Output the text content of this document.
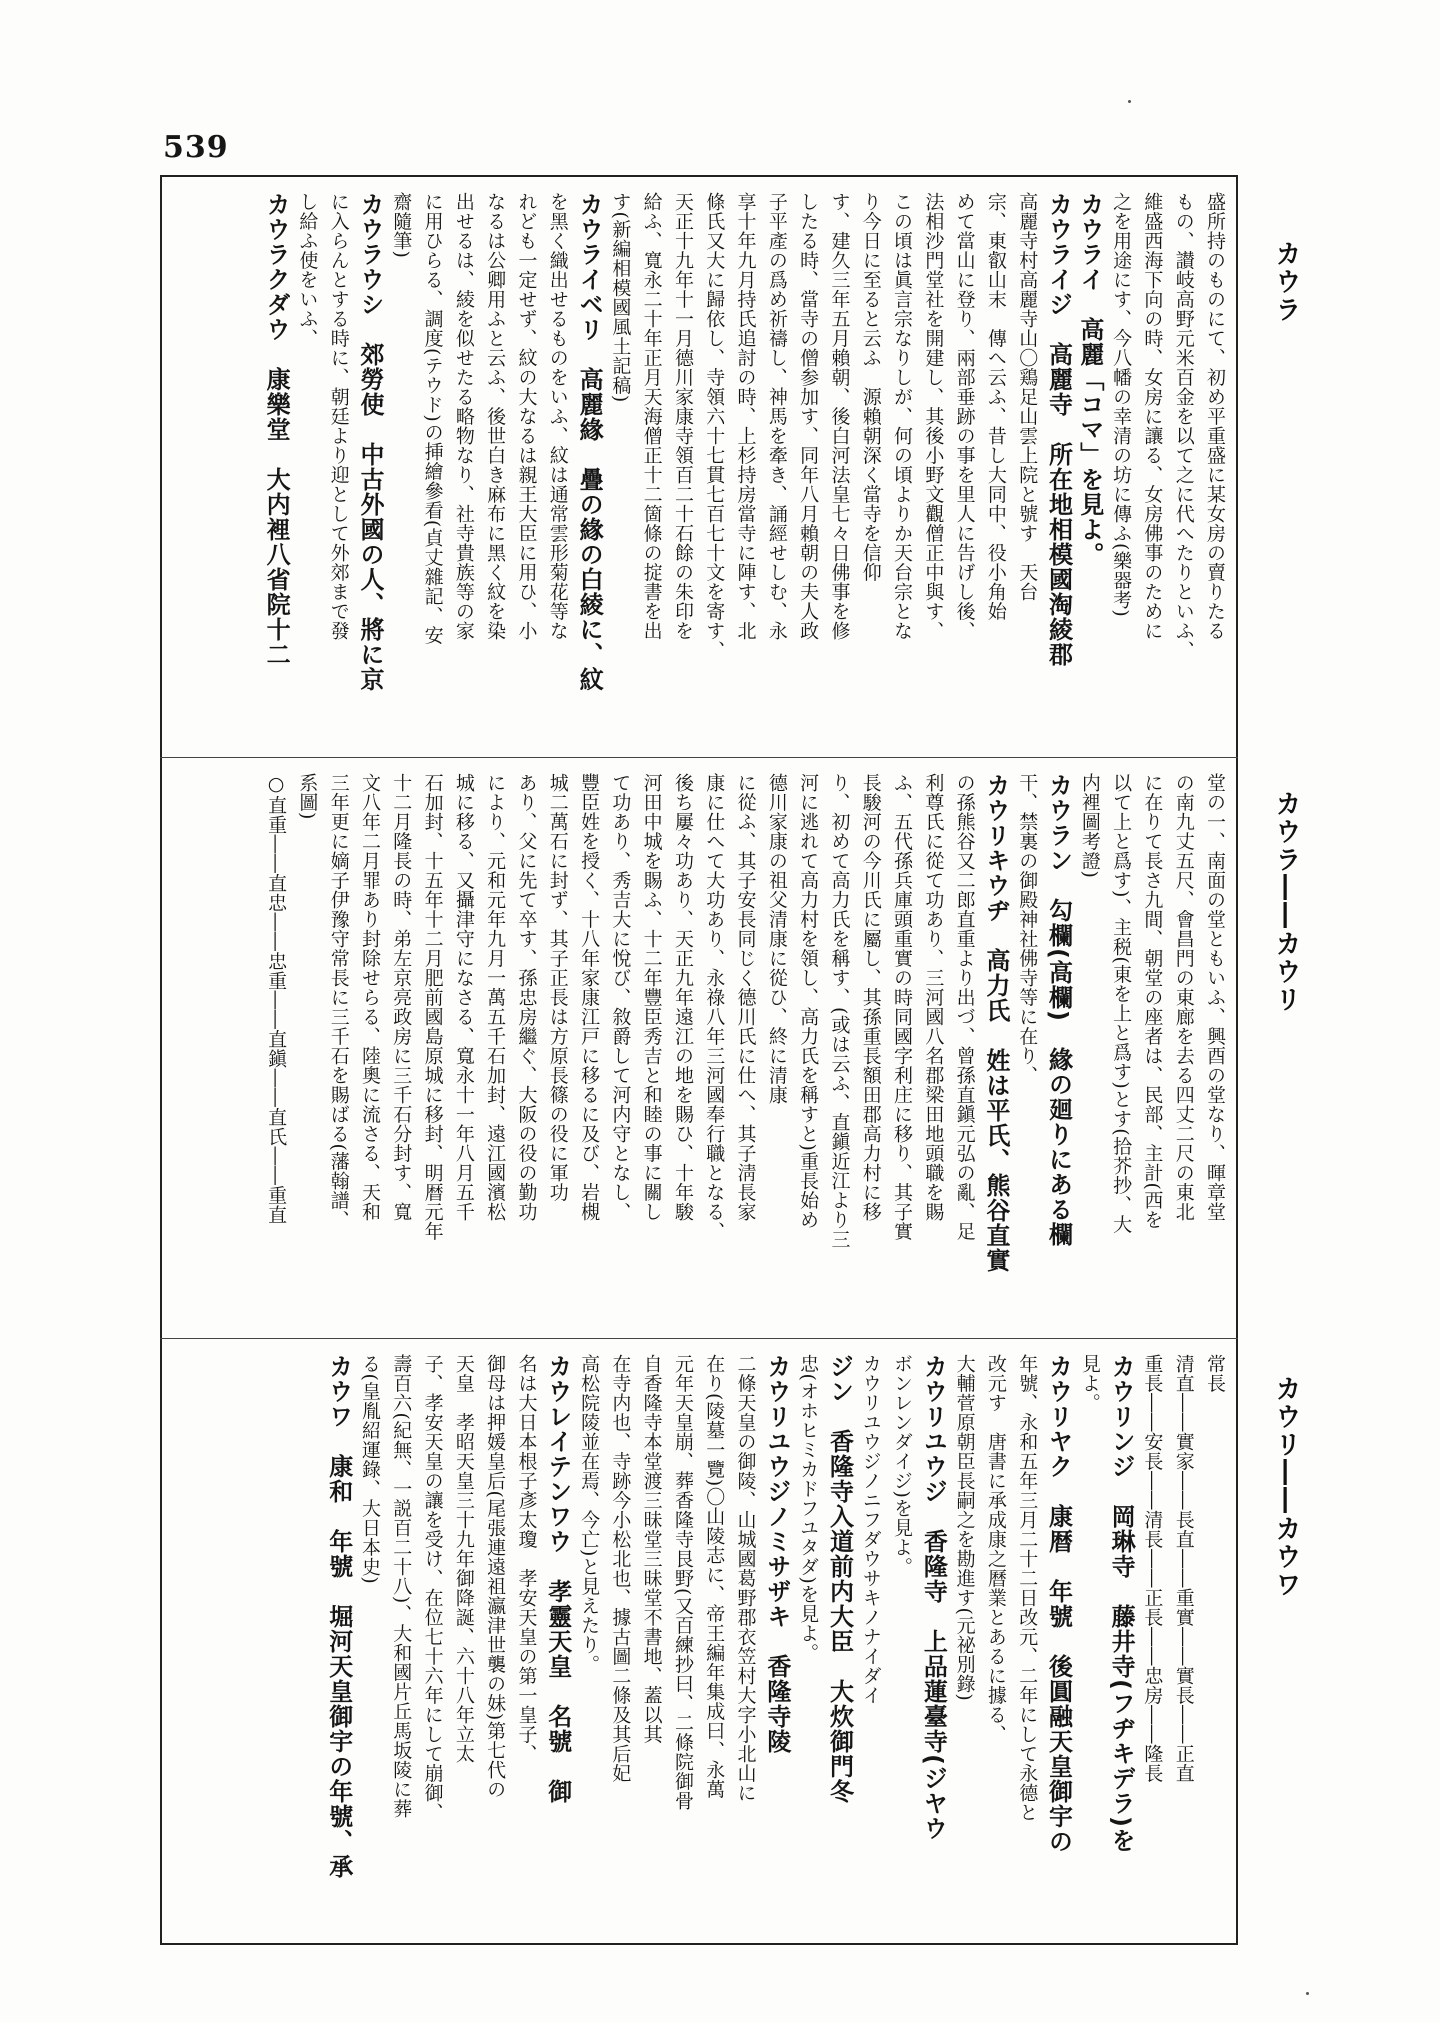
539
カウラ
カウラ――カウリ
カウリ――カウワ
盛所持のものにて、初め平重盛に某女房の賣りたる
もの、讃岐高野元米百金を以て之に代へたりといふ、
維盛西海下向の時、女房に讓る、女房佛事のために
之を用途にす、今八幡の幸清の坊に傳ふ(樂器考)
カウライ　高麗「コマ」を見よ。
カウライジ　高麗寺　所在地相模國淘綾郡
高麗寺村高麗寺山〇鶏足山雲上院と號す　天台
宗、東叡山末　傳へ云ふ、昔し大同中、役小角始
めて當山に登り、兩部垂跡の事を里人に告げし後、
法相沙門堂社を開建し、其後小野文觀僧正中與す、
この頃は眞言宗なりしが、何の頃よりか天台宗とな
り今日に至ると云ふ　源賴朝深く當寺を信仰
す、建久三年五月賴朝、後白河法皇七々日佛事を修
したる時、當寺の僧参加す、同年八月賴朝の夫人政
子平產の爲め祈禱し、神馬を牽き、誦經せしむ、永
享十年九月持氏追討の時、上杉持房當寺に陣す、北
條氏又大に歸依し、寺領六十七貫七百七十文を寄す、
天正十九年十一月德川家康寺領百二十石餘の朱印を
給ふ、寬永二十年正月天海僧正十二箇條の掟書を出
す(新編相模國風土記稿)
カウライベリ　高麗緣　疊の緣の白綾に、紋
を黑く織出せるものをいふ、紋は通常雲形菊花等な
れども一定せず、紋の大なるは親王大臣に用ひ、小
なるは公卿用ふと云ふ、後世白き麻布に黑く紋を染
出せるは、綾を似せたる略物なり、社寺貴族等の家
に用ひらる、調度(テウド)の挿繪參看(貞丈雜記、安
齋隨筆)
カウラウシ　郊勞使　中古外國の人、將に京
に入らんとする時に、朝廷より迎として外郊まで發
し給ふ使をいふ、
カウラクダウ　康樂堂　大内裡八省院十二
堂の一、南面の堂ともいふ、興酉の堂なり、暉章堂
の南九丈五尺、會昌門の東廊を去る四丈二尺の東北
に在りて長さ九間、朝堂の座者は、民部、主計(西を
以て上と爲す)、主税(東を上と爲す)とす(拾芥抄、大
内裡圖考證)
カウラン　勾欄(高欄)　緣の廻りにある欄
干、禁裏の御殿神社佛寺等に在り、
カウリキウヂ　高力氏　姓は平氏、熊谷直實
の孫熊谷又二郎直重より出づ、曾孫直鎭元弘の亂、足
利尊氏に從て功あり、三河國八名郡梁田地頭職を賜
ふ、五代孫兵庫頭重實の時同國字利庄に移り、其子實
長駿河の今川氏に屬し、其孫重長額田郡高力村に移
り、初めて高力氏を稱す、(或は云ふ、直鎭近江より三
河に逃れて高力村を領し、高力氏を稱すと)重長始め
德川家康の祖父清康に從ひ、終に清康
に從ふ、其子安長同じく德川氏に仕へ、其子淸長家
康に仕へて大功あり、永祿八年三河國奉行職となる、
後ち屢々功あり、天正九年遠江の地を賜ひ、十年駿
河田中城を賜ふ、十二年豐臣秀吉と和睦の事に關し
て功あり、秀吉大に悅び、敘爵して河内守となし、
豐臣姓を授く、十八年家康江戸に移るに及び、岩槻
城二萬石に封ず、其子正長は方原長篠の役に軍功
あり、父に先て卒す、孫忠房繼ぐ、大阪の役の勤功
により、元和元年九月一萬五千石加封、遠江國濱松
城に移る、又攝津守になさる、寬永十一年八月五千
石加封、十五年十二月肥前國島原城に移封、明暦元年
十二月隆長の時、弟左京亮政房に三千石分封す、寬
文八年二月罪あり封除せらる、陸奧に流さる、天和
三年更に嫡子伊豫守常長に三千石を賜ばる(藩翰譜、
系圖)
○直重――直忠――忠重――直鎭――直氏――重直
常長
清直――實家――長直――重實――實長――正直
重長――安長――清長――正長――忠房――隆長
カウリンジ　岡琳寺　藤井寺(フヂキデラ)を
見よ。
カウリヤク　康暦　年號　後圓融天皇御宇の
年號、永和五年三月二十二日改元、二年にして永德と
改元す　唐書に承成康之曆業とあるに據る、
大輔菅原朝臣長嗣之を勘進す(元祕別錄)
カウリユウジ　香隆寺　上品蓮臺寺(ジヤウ
ボンレンダイジ)を見よ。
カウリユウジノニフダウサキノナイダイ
ジン　香隆寺入道前内大臣　大炊御門冬
忠(オホヒミカドフユタダ)を見よ。
カウリユウジノミサザキ　香隆寺陵
二條天皇の御陵、山城國葛野郡衣笠村大字小北山に
在り(陵墓一覽)〇山陵志に、帝王編年集成曰、永萬
元年天皇崩、葬香隆寺艮野(又百練抄曰、二條院御骨
自香隆寺本堂渡三昧堂三昧堂不書地、蓋以其
在寺内也、寺跡今小松北也、據古圖二條及其后妃
高松院陵並在焉、今亡)と見えたり。
カウレイテンワウ　孝靈天皇　名號　御
名は大日本根子彥太瓊　孝安天皇の第一皇子、
御母は押媛皇后(尾張連遠祖瀛津世襲の妹)第七代の
天皇　孝昭天皇三十九年御降誕、六十八年立太
子、孝安天皇の讓を受け、在位七十六年にして崩御、
壽百六(紀無、一説百二十八)、大和國片丘馬坂陵に葬
る(皇胤紹運錄、大日本史)
カウワ　康和　年號　堀河天皇御宇の年號、承
